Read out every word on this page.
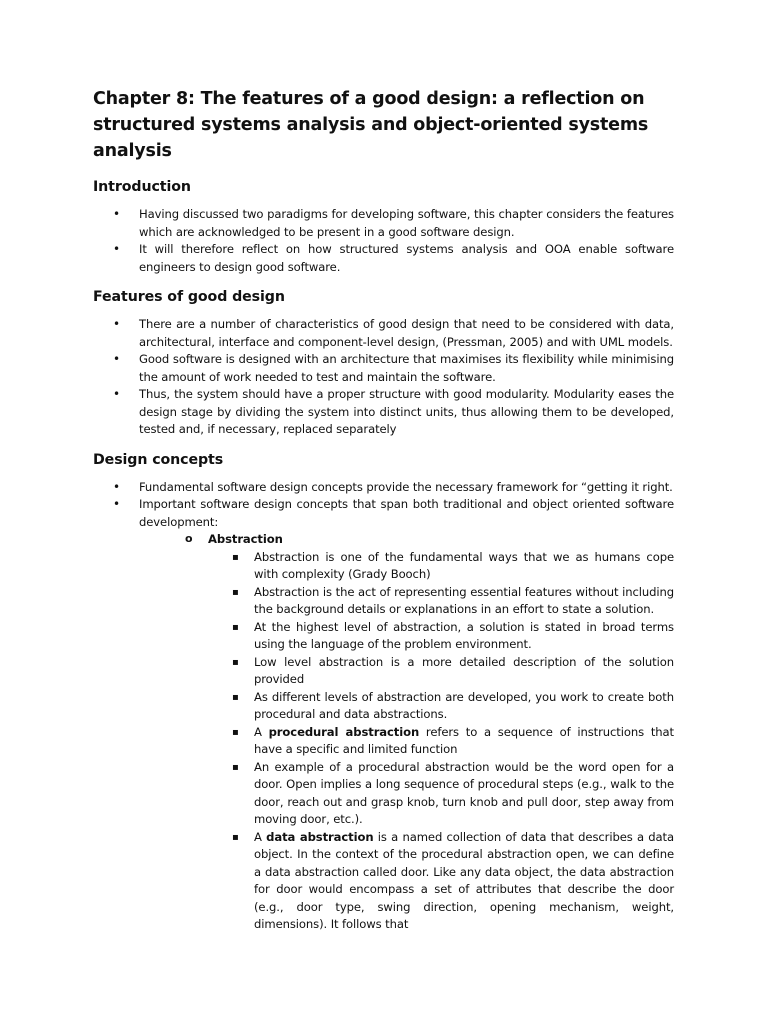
Chapter 8: The features of a good design: a reflection on structured systems analysis and object-oriented systems analysis
Introduction
• Having discussed two paradigms for developing software, this chapter considers the features which are acknowledged to be present in a good software design.
• It will therefore reflect on how structured systems analysis and OOA enable software engineers to design good software.
Features of good design
• There are a number of characteristics of good design that need to be considered with data, architectural, interface and component-level design, (Pressman, 2005) and with UML models.
• Good software is designed with an architecture that maximises its flexibility while minimising the amount of work needed to test and maintain the software.
• Thus, the system should have a proper structure with good modularity. Modularity eases the design stage by dividing the system into distinct units, thus allowing them to be developed, tested and, if necessary, replaced separately
Design concepts
• Fundamental software design concepts provide the necessary framework for “getting it right.
• Important software design concepts that span both traditional and object oriented software development:
o Abstraction
▪ Abstraction is one of the fundamental ways that we as humans cope with complexity (Grady Booch)
▪ Abstraction is the act of representing essential features without including the background details or explanations in an effort to state a solution.
▪ At the highest level of abstraction, a solution is stated in broad terms using the language of the problem environment.
▪ Low level abstraction is a more detailed description of the solution provided
▪ As different levels of abstraction are developed, you work to create both procedural and data abstractions.
▪ A procedural abstraction refers to a sequence of instructions that have a specific and limited function
▪ An example of a procedural abstraction would be the word open for a door. Open implies a long sequence of procedural steps (e.g., walk to the door, reach out and grasp knob, turn knob and pull door, step away from moving door, etc.).
▪ A data abstraction is a named collection of data that describes a data object. In the context of the procedural abstraction open, we can define a data abstraction called door. Like any data object, the data abstraction for door would encompass a set of attributes that describe the door (e.g., door type, swing direction, opening mechanism, weight, dimensions). It follows that
